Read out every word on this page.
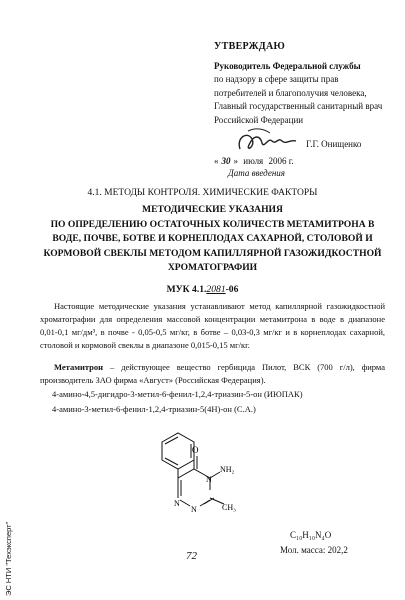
УТВЕРЖДАЮ
Руководитель Федеральной службы
по надзору в сфере защиты прав
потребителей и благополучия человека,
Главный государственный санитарный врач
Российской Федерации
Г.Г. Онищенко
« 30 » июля 2006 г.
Дата введения
4.1. МЕТОДЫ КОНТРОЛЯ. ХИМИЧЕСКИЕ ФАКТОРЫ
МЕТОДИЧЕСКИЕ УКАЗАНИЯ
ПО ОПРЕДЕЛЕНИЮ ОСТАТОЧНЫХ КОЛИЧЕСТВ МЕТАМИТРОНА В
ВОДЕ, ПОЧВЕ, БОТВЕ И КОРНЕПЛОДАХ САХАРНОЙ, СТОЛОВОЙ И
КОРМОВОЙ СВЕКЛЫ МЕТОДОМ КАПИЛЛЯРНОЙ ГАЗОЖИДКОСТНОЙ
ХРОМАТОГРАФИИ
МУК 4.1.2081-06
Настоящие методические указания устанавливают метод капиллярной газожидкостной хроматографии для определения массовой концентрации метамитрона в воде в диапазоне 0,01-0,1 мг/дм³, в почве - 0,05-0,5 мг/кг, в ботве – 0,03-0,3 мг/кг и в корнеплодах сахарной, столовой и кормовой свеклы в диапазоне 0,015-0,15 мг/кг.
Метамитрон – действующее вещество гербицида Пилот, ВСК (700 г/л), фирма производитель ЗАО фирма «Август» (Российская Федерация).
4-амино-4,5-дигидро-3-метил-6-фенил-1,2,4-триазин-5-он (ИЮПАК)
4-амино-3-метил-6-фенил-1,2,4-триазин-5(4H)-он (С.А.)
O
N
NH₂
N
N	CH₃
C₁₀H₁₀N₄O
Мол. масса: 202,2
72
ЭС НТИ "Техэксперт"
